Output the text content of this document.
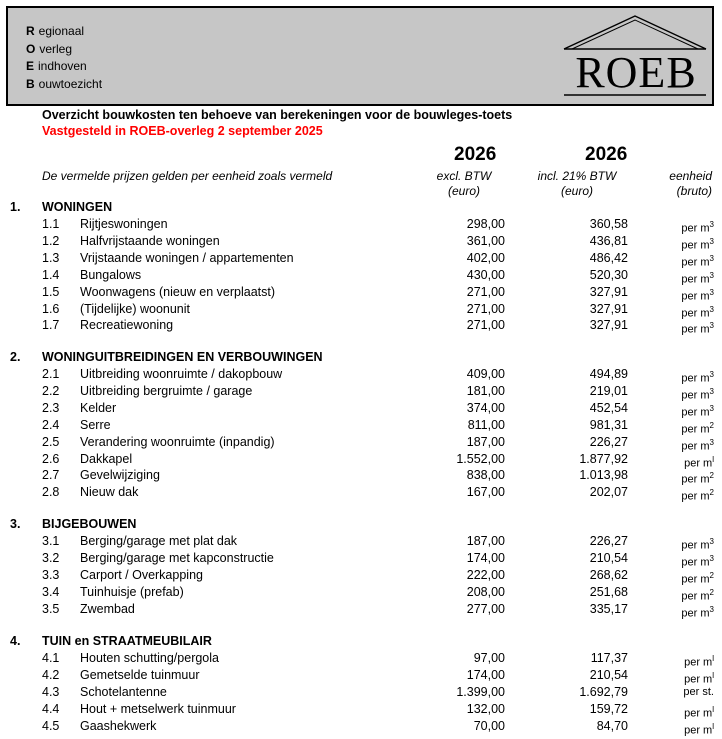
R egionaal
O verleg
E indhoven
B ouwtoezicht	ROEB
Overzicht bouwkosten ten behoeve van berekeningen voor de bouwleges-toets
Vastgesteld in ROEB-overleg 2 september 2025
2026	2026
De vermelde prijzen gelden per eenheid zoals vermeld	excl. BTW
(euro)
incl. 21% BTW
(euro)
eenheid
(bruto)
1. WONINGEN
1.1 Rijtjeswoningen	298,00	360,58	per $m^3$
1.2 Halfvrijstaande woningen	361,00	436,81	per $m^3$
1.3 Vrijstaande woningen / appartementen	402,00	486,42	per $m^3$
1.4 Bungalows	430,00	520,30	per $m^3$
1.5 Woonwagens (nieuw en verplaatst)	271,00	327,91	per $m^3$
1.6 (Tijdelijke) woonunit	271,00	327,91	per $m^3$
1.7 Recreatiewoning	271,00	327,91	per $m^3$
2. WONINGUITBREIDINGEN EN VERBOUWINGEN
2.1 Uitbreiding woonruimte / dakopbouw	409,00	494,89	per $m^3$
2.2 Uitbreiding bergruimte / garage	181,00	219,01	per $m^3$
2.3 Kelder	374,00	452,54	per $m^3$
2.4 Serre	811,00	981,31	per $m^2$
2.5 Verandering woonruimte (inpandig)	187,00	226,27	per $m^3$
2.6 Dakkapel	1.552,00	1.877,92	per $m^l$
2.7 Gevelwijziging	838,00	1.013,98	per $m^2$
2.8 Nieuw dak	167,00	202,07	per $m^2$
3. BIJGEBOUWEN
3.1 Berging/garage met plat dak	187,00	226,27	per $m^3$
3.2 Berging/garage met kapconstructie	174,00	210,54	per $m^3$
3.3 Carport / Overkapping	222,00	268,62	per $m^2$
3.4 Tuinhuisje (prefab)	208,00	251,68	per $m^2$
3.5 Zwembad	277,00	335,17	per $m^3$
4. TUIN en STRAATMEUBILAIR
4.1 Houten schutting/pergola	97,00	117,37	per $m^l$
4.2 Gemetselde tuinmuur	174,00	210,54	per $m^l$
4.3 Schotelantenne	1.399,00	1.692,79	per st.
4.4 Hout + metselwerk tuinmuur	132,00	159,72	per $m^l$
4.5 Gaashekwerk	70,00	84,70	per $m^l$
